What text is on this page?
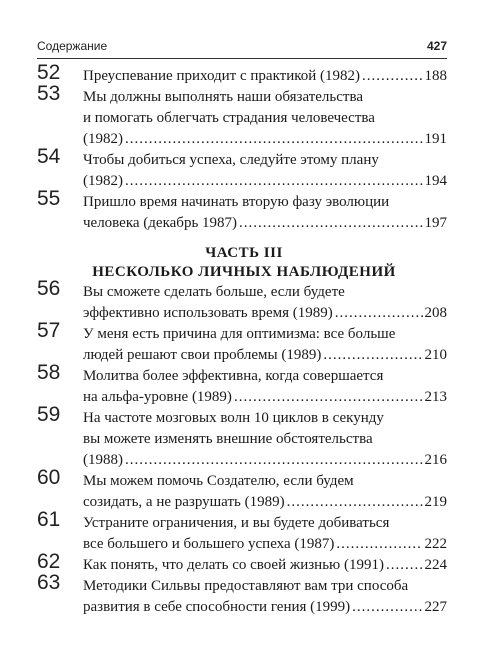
Содержание	427
ЧАСТЬ III
НЕСКОЛЬКО ЛИЧНЫХ НАБЛЮДЕНИЙ
52 Преуспевание приходит с практикой (1982) .....	188
53 Мы должны выполнять наши обязательства
и помогать облегчать страдания человечества
(1982) .....	191
54 Чтобы добиться успеха, следуйте этому плану
(1982) .....	194
55 Пришло время начинать вторую фазу эволюции
человека (декабрь 1987) .....	197
56 Вы сможете сделать больше, если будете
эффективно использовать время (1989) .....	208
57 У меня есть причина для оптимизма: все больше
людей решают свои проблемы (1989) .....	210
58 Молитва более эффективна, когда совершается
на альфа-уровне (1989) .....	213
59 На частоте мозговых волн 10 циклов в секунду
вы можете изменять внешние обстоятельства
(1988) .....	216
60 Мы можем помочь Создателю, если будем
созидать, а не разрушать (1989) .....	219
61 Устраните ограничения, и вы будете добиваться
все большего и большего успеха (1987) .....	222
62 Как понять, что делать со своей жизнью (1991) .....	224
63 Методики Сильвы предоставляют вам три способа
развития в себе способности гения (1999) .....	227
